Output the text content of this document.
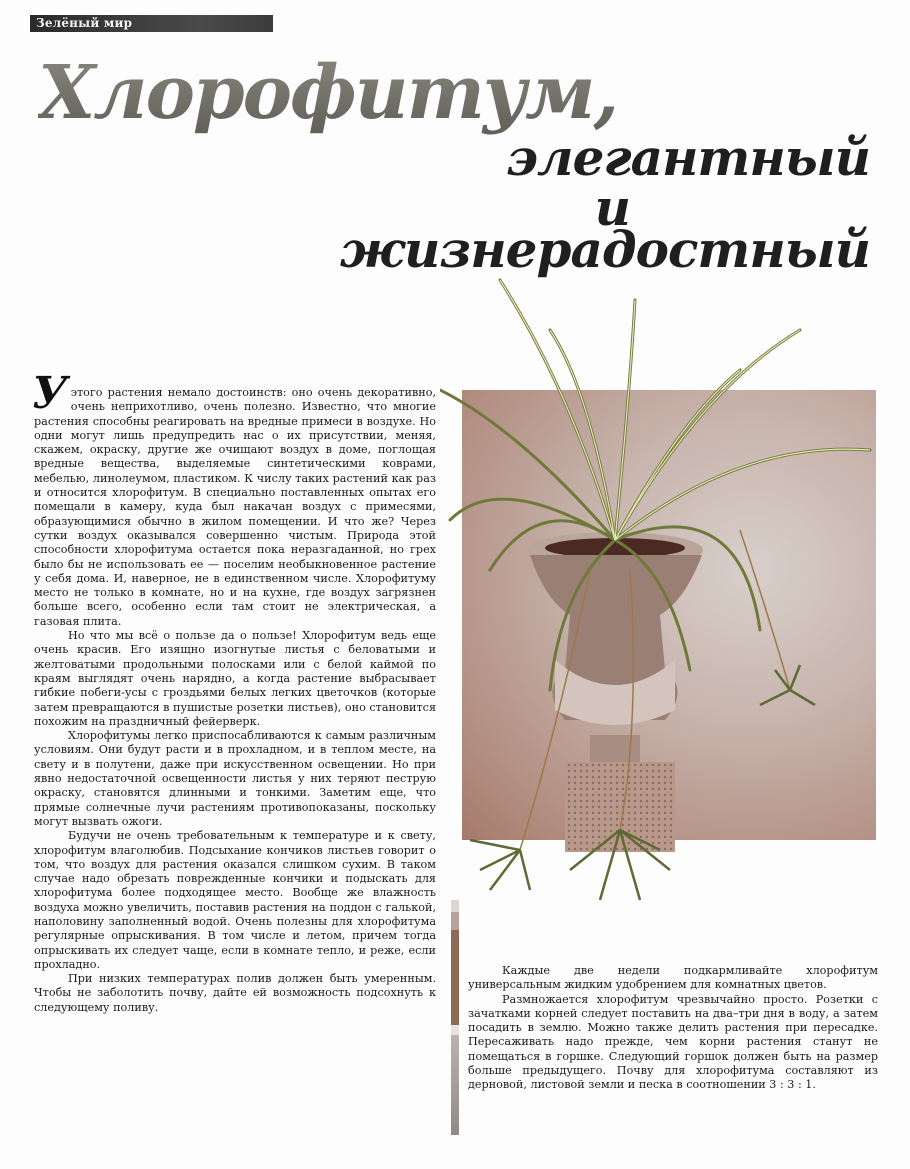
Зелёный мир
Хлорофитум,
элегантный
и
жизнерадостный

У этого растения немало достоинств: оно очень декоративно, очень неприхотливо, очень полезно. Известно, что многие растения способны реагировать на вредные примеси в воздухе. Но одни могут лишь предупредить нас о их присутствии, меняя, скажем, окраску, другие же очищают воздух в доме, поглощая вредные вещества, выделяемые синтетическими коврами, мебелью, линолеумом, пластиком. К числу таких растений как раз и относится хлорофитум. В специально поставленных опытах его помещали в камеру, куда был накачан воздух с примесями, образующимися обычно в жилом помещении. И что же? Через сутки воздух оказывался совершенно чистым. Природа этой способности хлорофитума остается пока неразгаданной, но грех было бы не использовать ее — поселим необыкновенное растение у себя дома. И, наверное, не в единственном числе. Хлорофитуму место не только в комнате, но и на кухне, где воздух загрязнен больше всего, особенно если там стоит не электрическая, а газовая плита.

Но что мы всё о пользе да о пользе! Хлорофитум ведь еще очень красив. Его изящно изогнутые листья с беловатыми и желтоватыми продольными полосками или с белой каймой по краям выглядят очень нарядно, а когда растение выбрасывает гибкие побеги-усы с гроздьями белых легких цветочков (которые затем превращаются в пушистые розетки листьев), оно становится похожим на праздничный фейерверк.

Хлорофитумы легко приспосабливаются к самым различным условиям. Они будут расти и в прохладном, и в теплом месте, на свету и в полутени, даже при искусственном освещении. Но при явно недостаточной освещенности листья у них теряют пеструю окраску, становятся длинными и тонкими. Заметим еще, что прямые солнечные лучи растениям противопоказаны, поскольку могут вызвать ожоги.

Будучи не очень требовательным к температуре и к свету, хлорофитум влаголюбив. Подсыхание кончиков листьев говорит о том, что воздух для растения оказался слишком сухим. В таком случае надо обрезать поврежденные кончики и подыскать для хлорофитума более подходящее место. Вообще же влажность воздуха можно увеличить, поставив растения на поддон с галькой, наполовину заполненный водой. Очень полезны для хлорофитума регулярные опрыскивания. В том числе и летом, причем тогда опрыскивать их следует чаще, если в комнате тепло, и реже, если прохладно.

При низких температурах полив должен быть умеренным. Чтобы не заболотить почву, дайте ей возможность подсохнуть к следующему поливу.

Каждые две недели подкармливайте хлорофитум универсальным жидким удобрением для комнатных цветов.

Размножается хлорофитум чрезвычайно просто. Розетки с зачатками корней следует поставить на два–три дня в воду, а затем посадить в землю. Можно также делить растения при пересадке. Пересаживать надо прежде, чем корни растения станут не помещаться в горшке. Следующий горшок должен быть на размер больше предыдущего. Почву для хлорофитума составляют из дерновой, листовой земли и песка в соотношении 3 : 3 : 1.
